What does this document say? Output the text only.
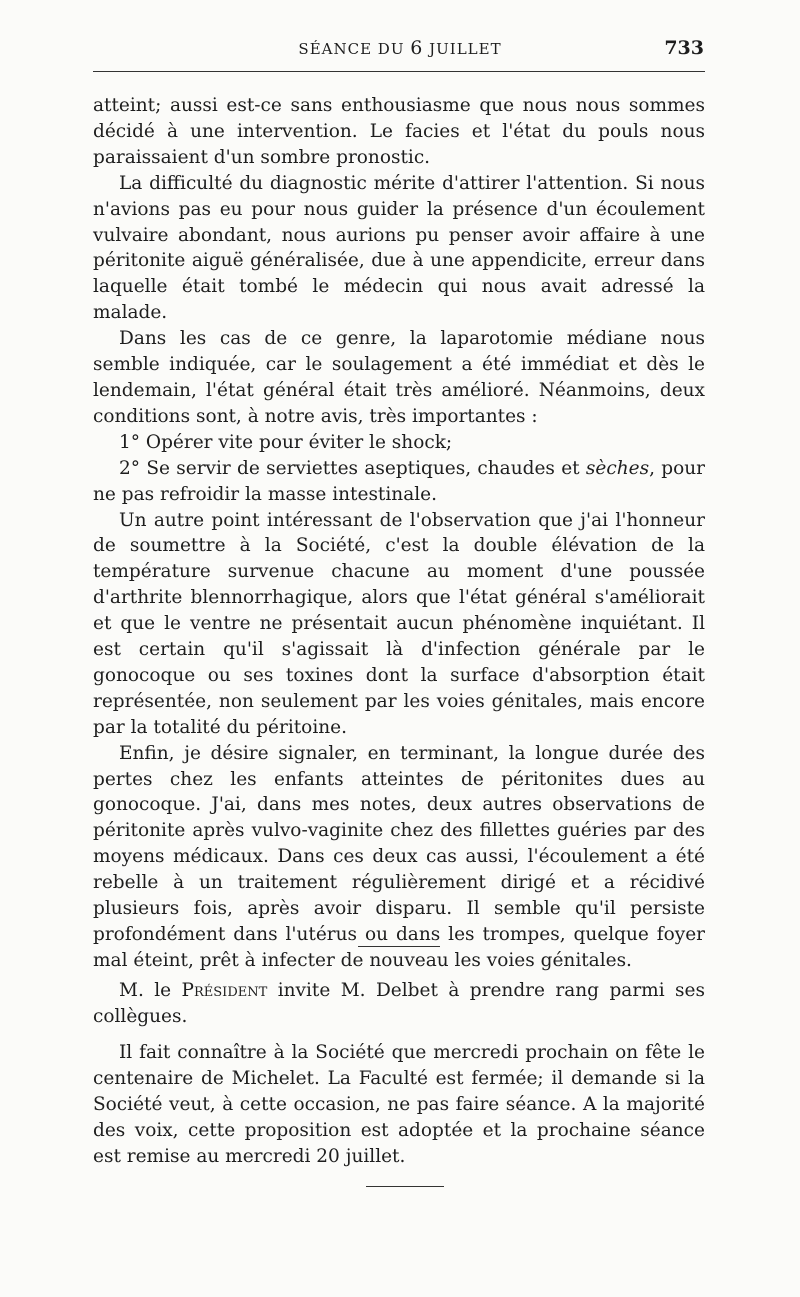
SÉANCE DU 6 JUILLET	733

atteint; aussi est-ce sans enthousiasme que nous nous sommes décidé à une intervention. Le facies et l'état du pouls nous paraissaient d'un sombre pronostic.

La difficulté du diagnostic mérite d'attirer l'attention. Si nous n'avions pas eu pour nous guider la présence d'un écoulement vulvaire abondant, nous aurions pu penser avoir affaire à une péritonite aiguë généralisée, due à une appendicite, erreur dans laquelle était tombé le médecin qui nous avait adressé la malade.

Dans les cas de ce genre, la laparotomie médiane nous semble indiquée, car le soulagement a été immédiat et dès le lendemain, l'état général était très amélioré. Néanmoins, deux conditions sont, à notre avis, très importantes :

1° Opérer vite pour éviter le shock;

2° Se servir de serviettes aseptiques, chaudes et sèches, pour ne pas refroidir la masse intestinale.

Un autre point intéressant de l'observation que j'ai l'honneur de soumettre à la Société, c'est la double élévation de la température survenue chacune au moment d'une poussée d'arthrite blennorrhagique, alors que l'état général s'améliorait et que le ventre ne présentait aucun phénomène inquiétant. Il est certain qu'il s'agissait là d'infection générale par le gonocoque ou ses toxines dont la surface d'absorption était représentée, non seulement par les voies génitales, mais encore par la totalité du péritoine.

Enfin, je désire signaler, en terminant, la longue durée des pertes chez les enfants atteintes de péritonites dues au gonocoque. J'ai, dans mes notes, deux autres observations de péritonite après vulvo-vaginite chez des fillettes guéries par des moyens médicaux. Dans ces deux cas aussi, l'écoulement a été rebelle à un traitement régulièrement dirigé et a récidivé plusieurs fois, après avoir disparu. Il semble qu'il persiste profondément dans l'utérus ou dans les trompes, quelque foyer mal éteint, prêt à infecter de nouveau les voies génitales.

M. le Président invite M. Delbet à prendre rang parmi ses collègues.

Il fait connaître à la Société que mercredi prochain on fête le centenaire de Michelet. La Faculté est fermée; il demande si la Société veut, à cette occasion, ne pas faire séance. A la majorité des voix, cette proposition est adoptée et la prochaine séance est remise au mercredi 20 juillet.
